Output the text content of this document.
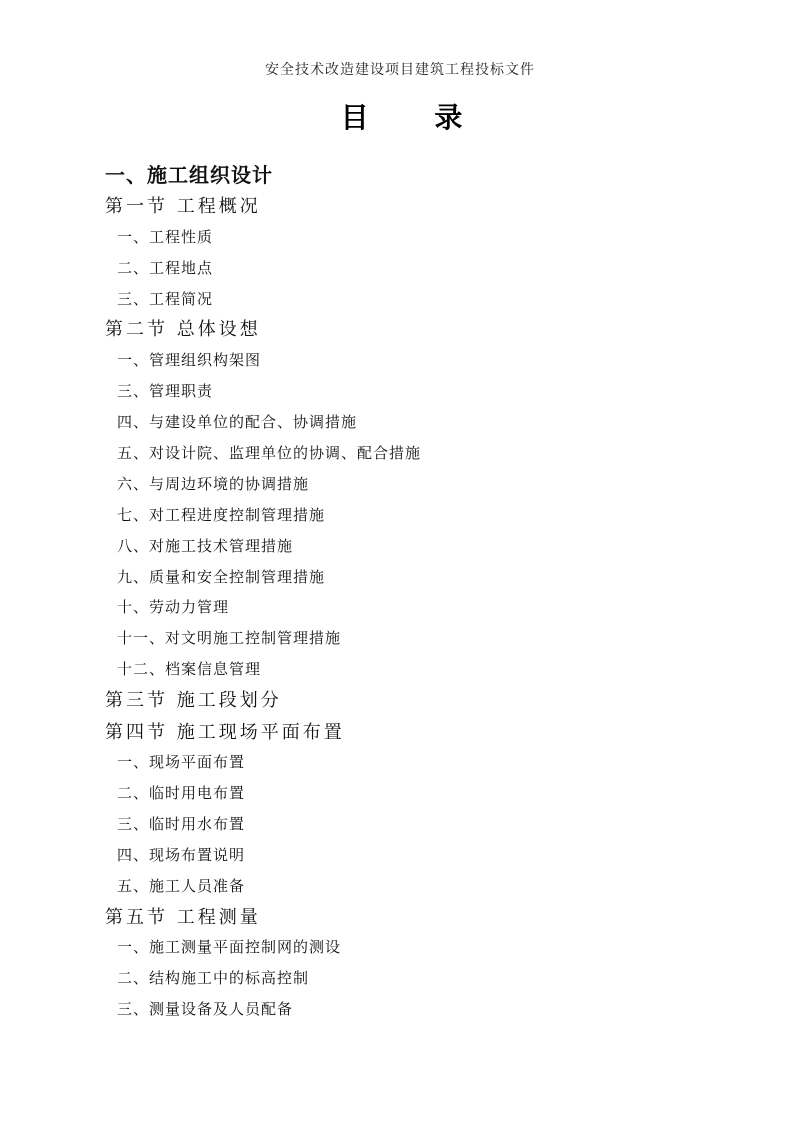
安全技术改造建设项目建筑工程投标文件
目 录
一、施工组织设计
第一节 工程概况
一、工程性质
二、工程地点
三、工程简况
第二节 总体设想
一、管理组织构架图
三、管理职责
四、与建设单位的配合、协调措施
五、对设计院、监理单位的协调、配合措施
六、与周边环境的协调措施
七、对工程进度控制管理措施
八、对施工技术管理措施
九、质量和安全控制管理措施
十、劳动力管理
十一、对文明施工控制管理措施
十二、档案信息管理
第三节 施工段划分
第四节 施工现场平面布置
一、现场平面布置
二、临时用电布置
三、临时用水布置
四、现场布置说明
五、施工人员准备
第五节 工程测量
一、施工测量平面控制网的测设
二、结构施工中的标高控制
三、测量设备及人员配备
